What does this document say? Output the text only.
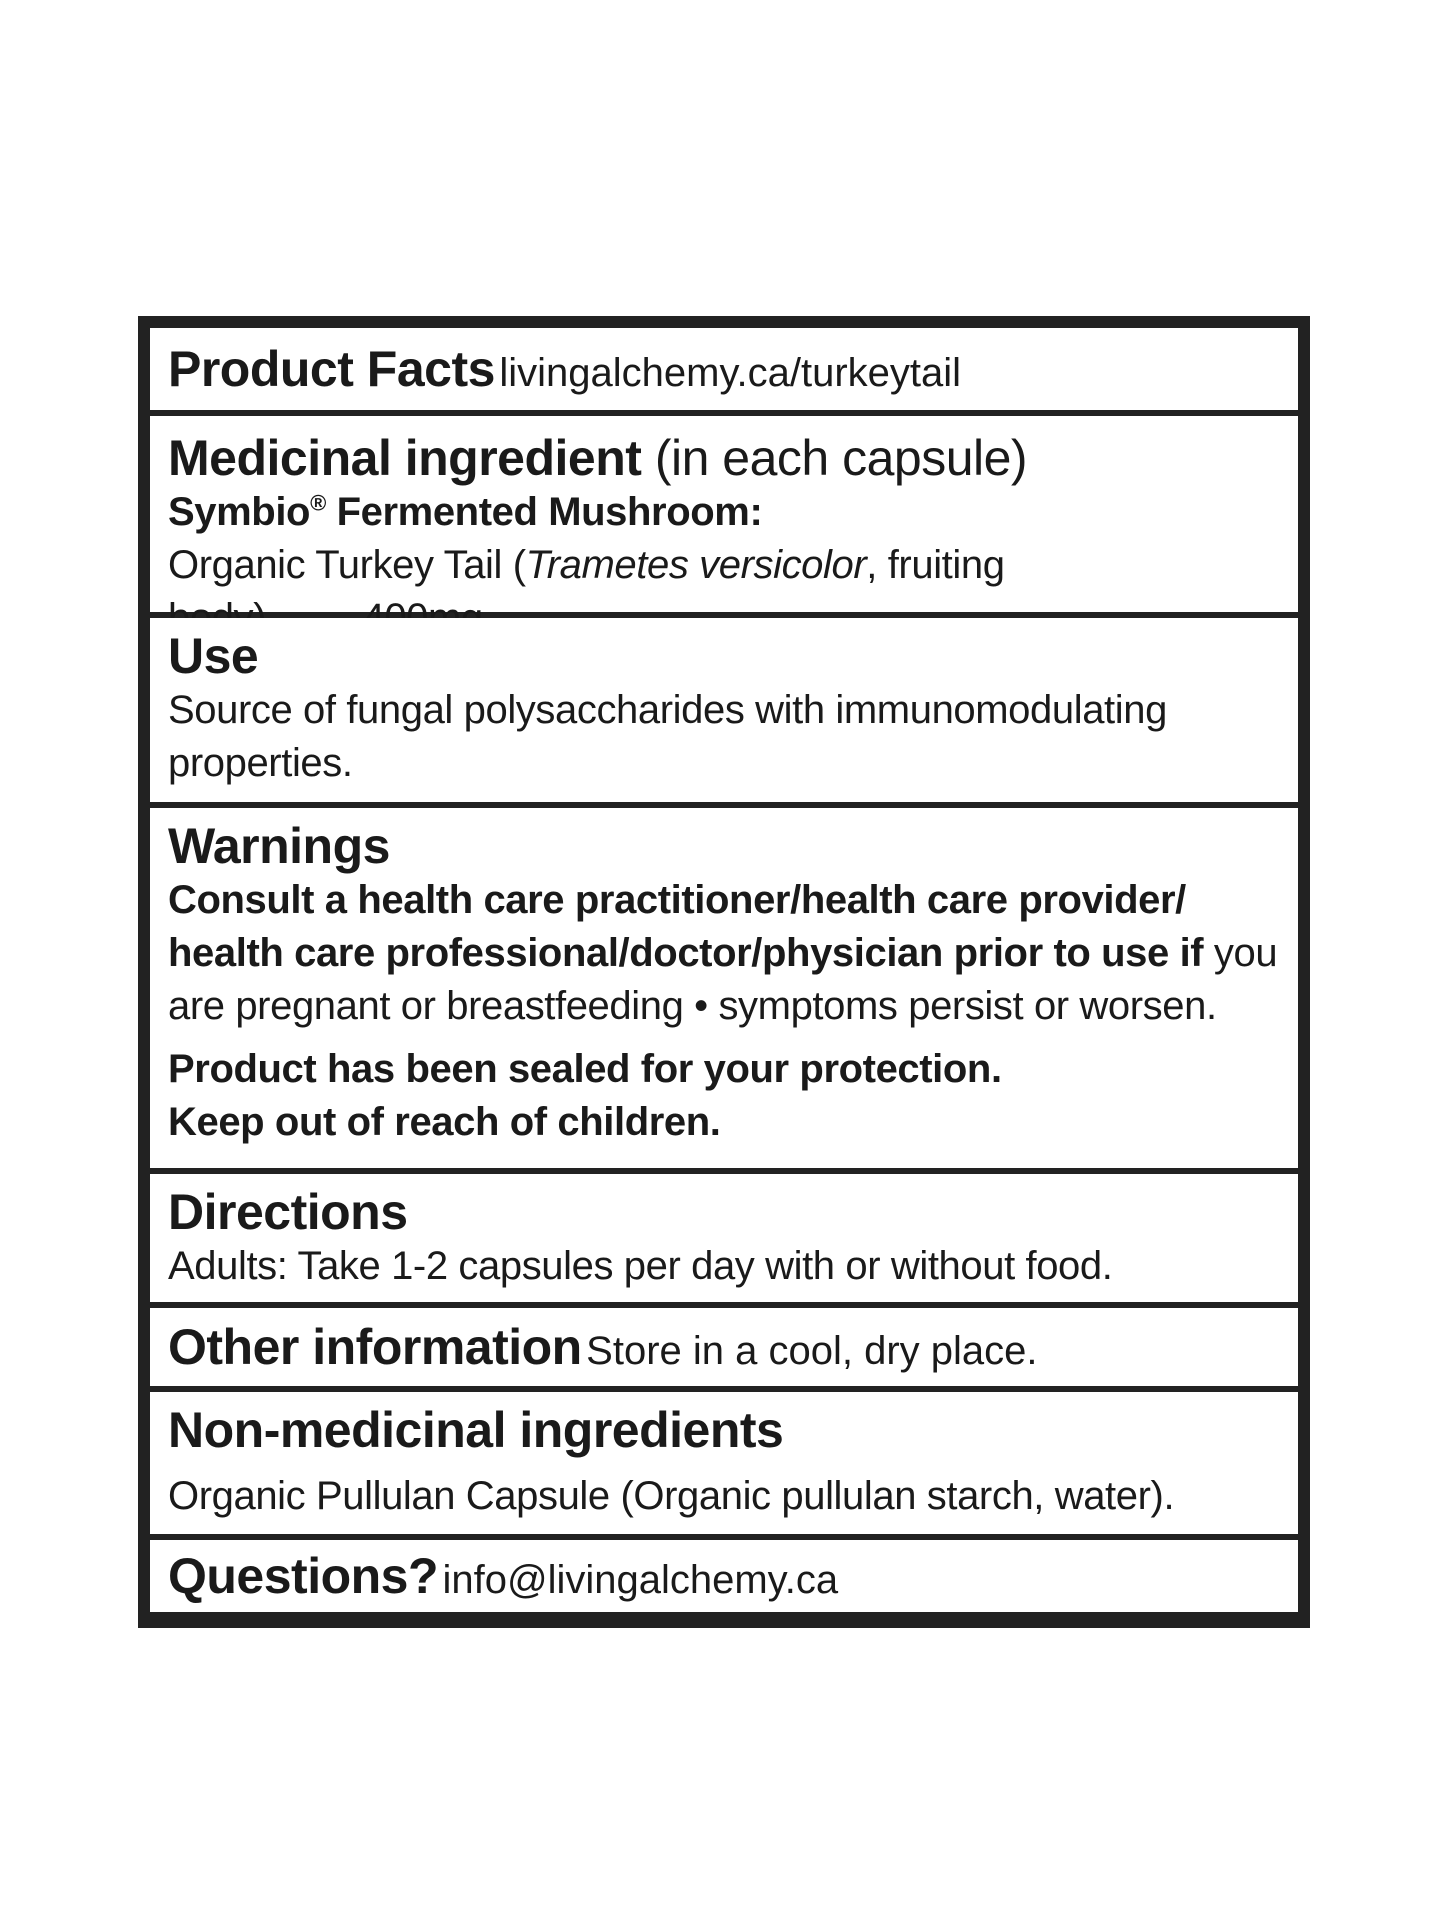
Product Facts livingalchemy.ca/turkeytail
Medicinal ingredient (in each capsule)
Symbio® Fermented Mushroom:
Organic Turkey Tail (Trametes versicolor, fruiting
Use
Source of fungal polysaccharides with immunomodulating properties.
Warnings
Consult a health care practitioner/health care provider/ health care professional/doctor/physician prior to use if you are pregnant or breastfeeding • symptoms persist or worsen.
Product has been sealed for your protection.
Keep out of reach of children.
Directions
Adults: Take 1-2 capsules per day with or without food.
Other information Store in a cool, dry place.
Non-medicinal ingredients
Organic Pullulan Capsule (Organic pullulan starch, water).
Questions? info@livingalchemy.ca
